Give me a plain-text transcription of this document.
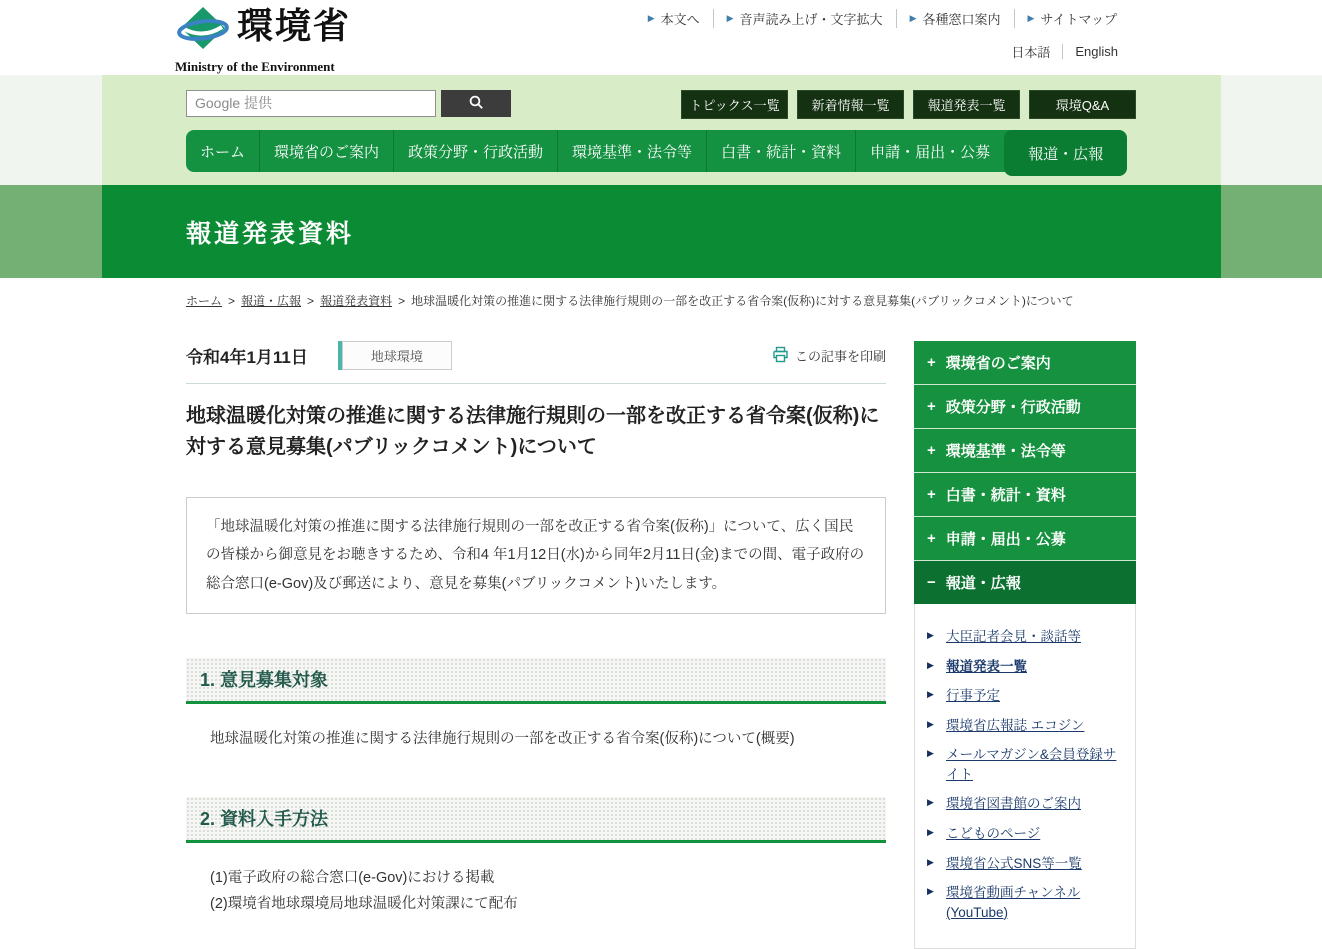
環境省
Ministry of the Environment
▶ 本文へ	▶ 音声読み上げ・文字拡大	▶ 各種窓口案内	▶ サイトマップ
日本語	English
Google 提供
トピックス一覧	新着情報一覧	報道発表一覧	環境Q&A
ホーム	環境省のご案内	政策分野・行政活動	環境基準・法令等	白書・統計・資料	申請・届出・公募	報道・広報
報道発表資料
ホーム > 報道・広報 > 報道発表資料 > 地球温暖化対策の推進に関する法律施行規則の一部を改正する省令案(仮称)に対する意見募集(パブリックコメント)について
令和4年1月11日	地球環境	この記事を印刷
地球温暖化対策の推進に関する法律施行規則の一部を改正する省令案(仮称)に対する意見募集(パブリックコメント)について
「地球温暖化対策の推進に関する法律施行規則の一部を改正する省令案(仮称)」について、広く国民の皆様から御意見をお聴きするため、令和4 年1月12日(水)から同年2月11日(金)までの間、電子政府の総合窓口(e-Gov)及び郵送により、意見を募集(パブリックコメント)いたします。
1. 意見募集対象
地球温暖化対策の推進に関する法律施行規則の一部を改正する省令案(仮称)について(概要)
2. 資料入手方法
(1)電子政府の総合窓口(e-Gov)における掲載
(2)環境省地球環境局地球温暖化対策課にて配布
+ 環境省のご案内
+ 政策分野・行政活動
+ 環境基準・法令等
+ 白書・統計・資料
+ 申請・届出・公募
− 報道・広報
▶ 大臣記者会見・談話等
▶ 報道発表一覧
▶ 行事予定
▶ 環境省広報誌 エコジン
▶ メールマガジン&会員登録サイト
▶ 環境省図書館のご案内
▶ こどものページ
▶ 環境省公式SNS等一覧
▶ 環境省動画チャンネル(YouTube)
